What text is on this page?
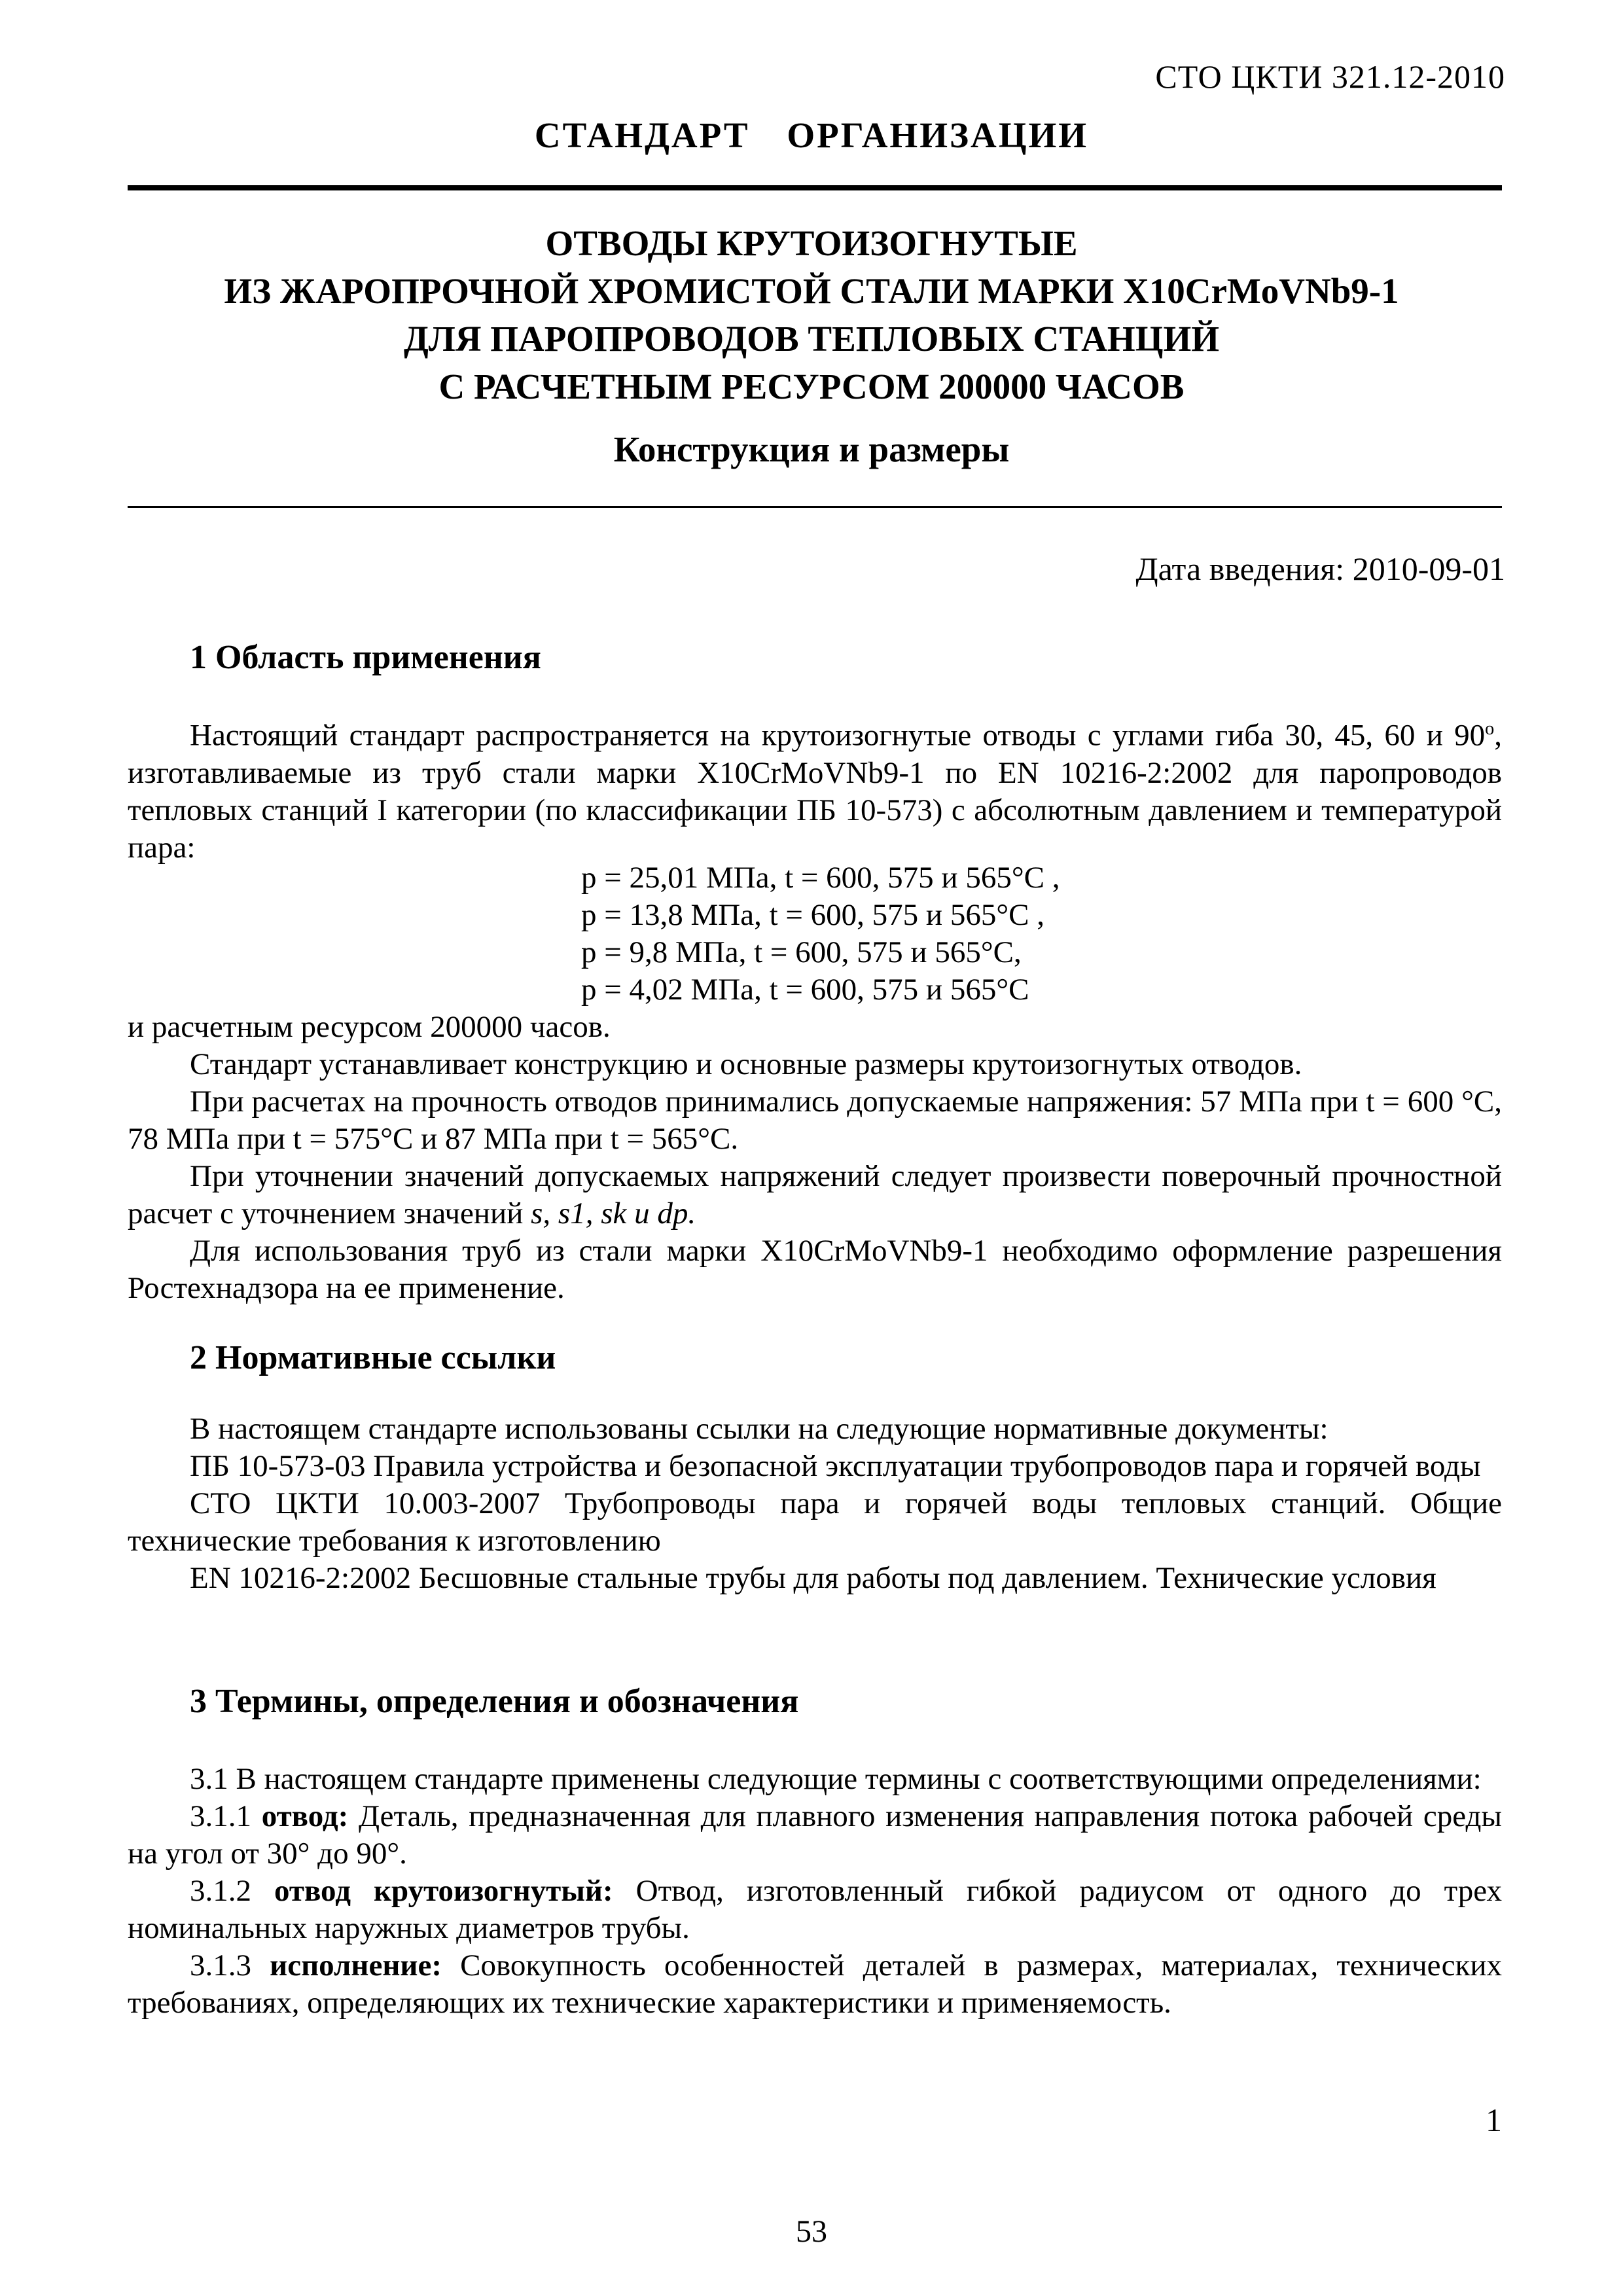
СТО ЦКТИ 321.12-2010
СТАНДАРТ ОРГАНИЗАЦИИ
ОТВОДЫ КРУТОИЗОГНУТЫЕ
ИЗ ЖАРОПРОЧНОЙ ХРОМИСТОЙ СТАЛИ МАРКИ X10CrMoVNb9-1
ДЛЯ ПАРОПРОВОДОВ ТЕПЛОВЫХ СТАНЦИЙ
С РАСЧЕТНЫМ РЕСУРСОМ 200000 ЧАСОВ
Конструкция и размеры
Дата введения: 2010-09-01
1 Область применения

Настоящий стандарт распространяется на крутоизогнутые отводы с углами гиба 30, 45, 60 и $90^о$, изготавливаемые из труб стали марки X10CrMoVNb9-1 по EN 10216-2:2002 для паропроводов тепловых станций I категории (по классификации ПБ 10-573) с абсолютным давлением и температурой пара:

p = 25,01 МПа, t = 600, 575 и 565°С ,
p = 13,8 МПа, t = 600, 575 и 565°С ,
p = 9,8 МПа, t = 600, 575 и 565°С,
p = 4,02 МПа, t = 600, 575 и 565°С

и расчетным ресурсом 200000 часов.

Стандарт устанавливает конструкцию и основные размеры крутоизогнутых отводов.

При расчетах на прочность отводов принимались допускаемые напряжения: 57 МПа при t = 600 °С, 78 МПа при t = 575°С и 87 МПа при t = 565°С.

При уточнении значений допускаемых напряжений следует произвести поверочный прочностной расчет с уточнением значений s, s1, sk и dp.

Для использования труб из стали марки X10CrMoVNb9-1 необходимо оформление разрешения Ростехнадзора на ее применение.

2 Нормативные ссылки

В настоящем стандарте использованы ссылки на следующие нормативные документы:

ПБ 10-573-03 Правила устройства и безопасной эксплуатации трубопроводов пара и горячей воды

СТО ЦКТИ 10.003-2007 Трубопроводы пара и горячей воды тепловых станций. Общие технические требования к изготовлению

EN 10216-2:2002 Бесшовные стальные трубы для работы под давлением. Технические условия

3 Термины, определения и обозначения

3.1 В настоящем стандарте применены следующие термины с соответствующими определениями:

3.1.1 отвод: Деталь, предназначенная для плавного изменения направления потока рабочей среды на угол от 30° до 90°.

3.1.2 отвод крутоизогнутый: Отвод, изготовленный гибкой радиусом от одного до трех номинальных наружных диаметров трубы.

3.1.3 исполнение: Совокупность особенностей деталей в размерах, материалах, технических требованиях, определяющих их технические характеристики и применяемость.

1
53
